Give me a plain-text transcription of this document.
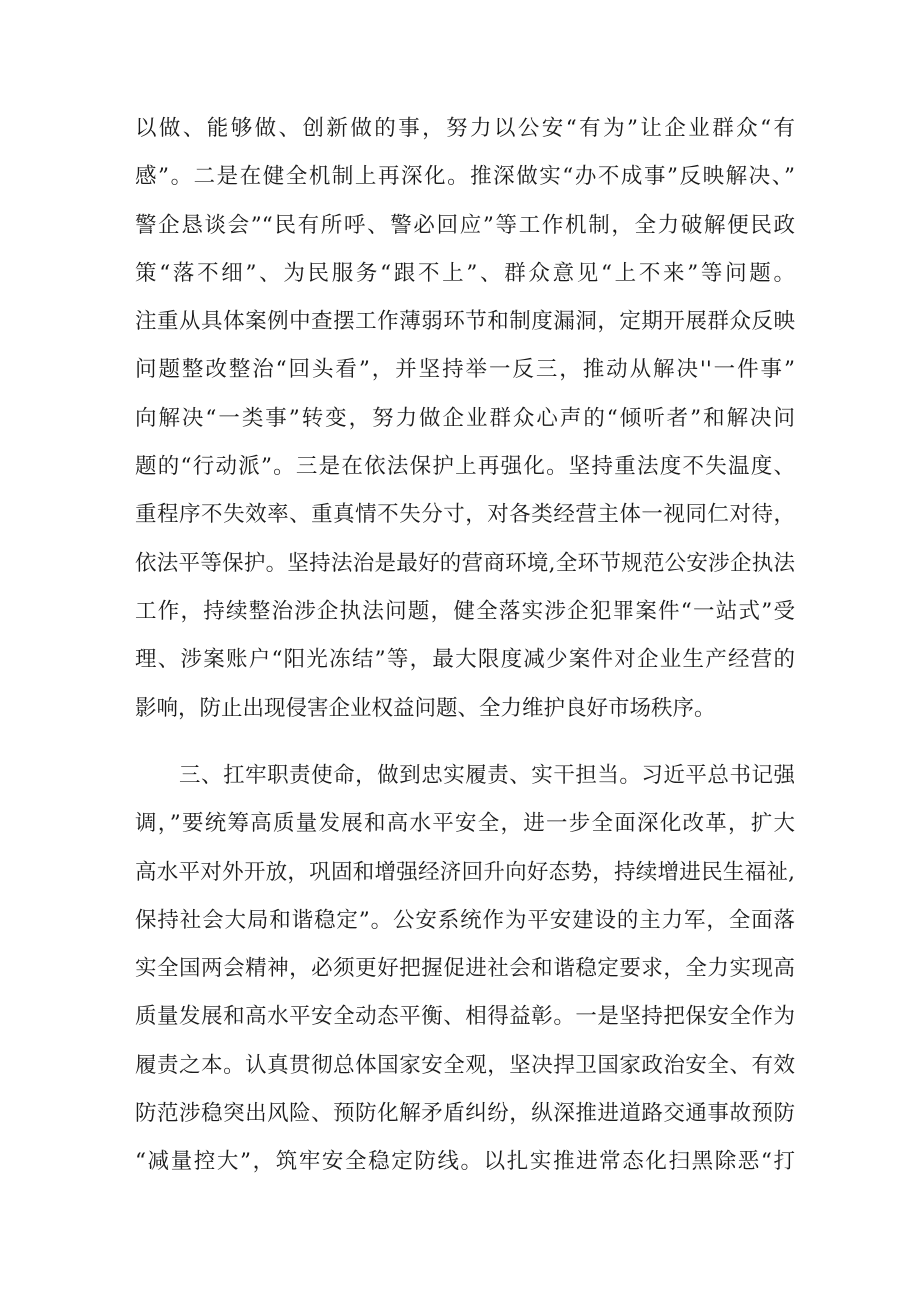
以做、能够做、创新做的事，努力以公安“有为”让企业群众“有
感”。二是在健全机制上再深化。推深做实“办不成事”反映解决、”
警企恳谈会”“民有所呼、警必回应”等工作机制，全力破解便民政
策“落不细”、为民服务“跟不上”、群众意见“上不来”等问题。
注重从具体案例中查摆工作薄弱环节和制度漏洞，定期开展群众反映
问题整改整治“回头看”，并坚持举一反三，推动从解决''一件事”
向解决“一类事”转变，努力做企业群众心声的“倾听者”和解决问
题的“行动派”。三是在依法保护上再强化。坚持重法度不失温度、
重程序不失效率、重真情不失分寸，对各类经营主体一视同仁对待，
依法平等保护。坚持法治是最好的营商环境,全环节规范公安涉企执法
工作，持续整治涉企执法问题，健全落实涉企犯罪案件“一站式”受
理、涉案账户“阳光冻结”等，最大限度减少案件对企业生产经营的
影响，防止出现侵害企业权益问题、全力维护良好市场秩序。
　　三、扛牢职责使命，做到忠实履责、实干担当。习近平总书记强
调，”要统筹高质量发展和高水平安全，进一步全面深化改革，扩大
高水平对外开放，巩固和增强经济回升向好态势，持续增进民生福祉,
保持社会大局和谐稳定”。公安系统作为平安建设的主力军，全面落
实全国两会精神，必须更好把握促进社会和谐稳定要求，全力实现高
质量发展和高水平安全动态平衡、相得益彰。一是坚持把保安全作为
履责之本。认真贯彻总体国家安全观，坚决捍卫国家政治安全、有效
防范涉稳突出风险、预防化解矛盾纠纷，纵深推进道路交通事故预防
“减量控大”，筑牢安全稳定防线。以扎实推进常态化扫黑除恶“打
